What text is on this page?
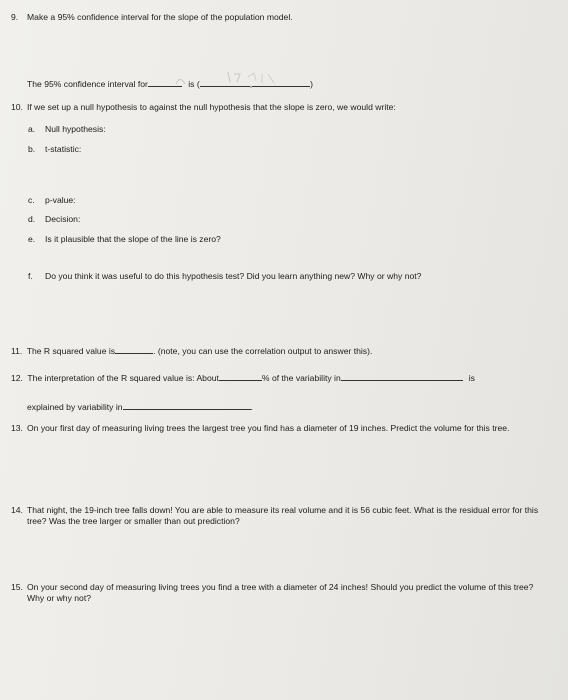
9. Make a 95% confidence interval for the slope of the population model.
The 95% confidence interval for	is (	,	)
10. If we set up a null hypothesis to against the null hypothesis that the slope is zero, we would write:
a. Null hypothesis:
b. t-statistic:
c. p-value:
d. Decision:
e. Is it plausible that the slope of the line is zero?
f. Do you think it was useful to do this hypothesis test? Did you learn anything new? Why or why not?
11. The R squared value is	. (note, you can use the correlation output to answer this).
12. The interpretation of the R squared value is: About	% of the variability in	is
explained by variability in	.
13. On your first day of measuring living trees the largest tree you find has a diameter of 19 inches. Predict the volume for this tree.
14. That night, the 19-inch tree falls down! You are able to measure its real volume and it is 56 cubic feet. What is the residual error for this tree? Was the tree larger or smaller than out prediction?
15. On your second day of measuring living trees you find a tree with a diameter of 24 inches! Should you predict the volume of this tree? Why or why not?
